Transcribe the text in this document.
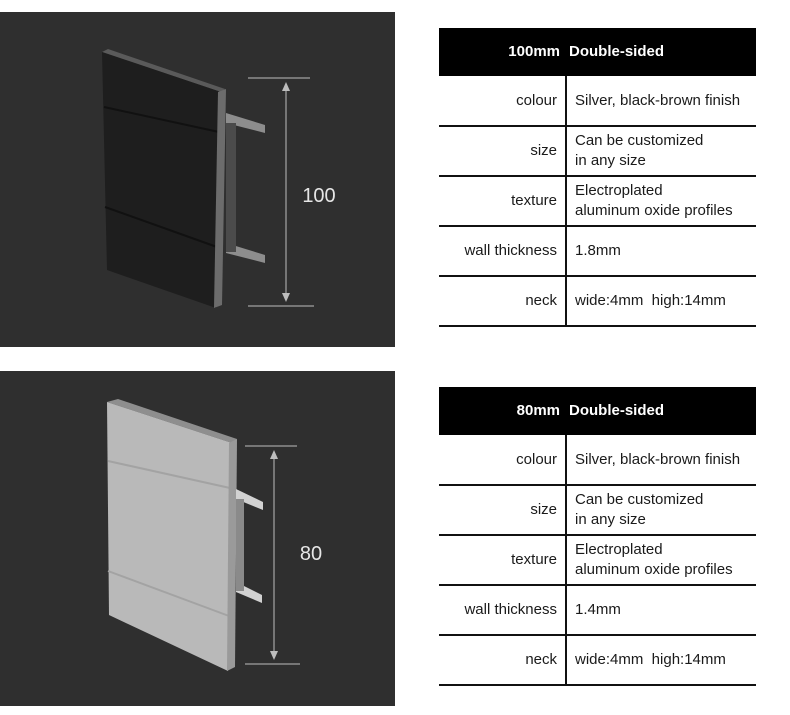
100
100mm	Double-sided
colour	Silver, black-brown finish

size	Can be customized
in any size

texture	Electroplated
aluminum oxide profiles

wall thickness	1.8mm

neck	wide:4mm  high:14mm
80
80mm	Double-sided
colour	Silver, black-brown finish

size	Can be customized
in any size

texture	Electroplated
aluminum oxide profiles

wall thickness	1.4mm

neck	wide:4mm  high:14mm
